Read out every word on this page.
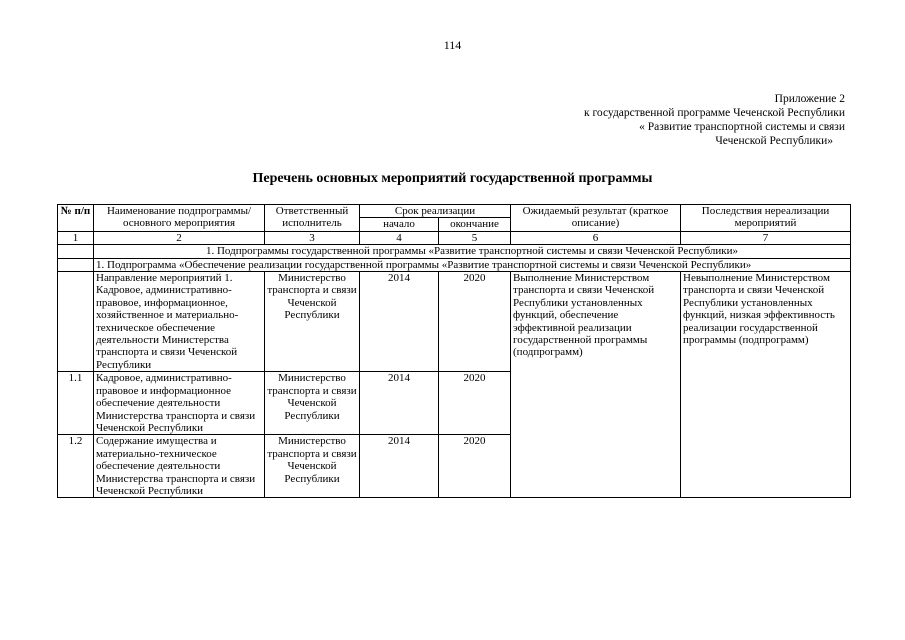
114
Приложение 2
к государственной программе Чеченской Республики
« Развитие транспортной системы и связи
Чеченской Республики»
Перечень основных мероприятий государственной программы
№ п/п	Наименование подпрограммы/основного мероприятия	Ответственный исполнитель	Срок реализации		Ожидаемый результат (краткое описание)	Последствия нереализации мероприятий
			начало	окончание		
1	2	3	4	5	6	7
	1. Подпрограммы государственной программы «Развитие транспортной системы и связи Чеченской Республики»					
	1. Подпрограмма «Обеспечение реализации государственной программы «Развитие транспортной системы и связи Чеченской Республики»					
	Направление мероприятий 1. Кадровое, административно-правовое, информационное, хозяйственное и материально-техническое обеспечение деятельности Министерства транспорта и связи Чеченской Республики	Министерство транспорта и связи Чеченской Республики	2014	2020	Выполнение Министерством транспорта и связи Чеченской Республики установленных функций, обеспечение эффективной реализации государственной программы (подпрограмм)	Невыполнение Министерством транспорта и связи Чеченской Республики установленных функций, низкая эффективность реализации государственной программы (подпрограмм)
1.1	Кадровое, административно-правовое и информационное обеспечение деятельности Министерства транспорта и связи Чеченской Республики	Министерство транспорта и связи Чеченской Республики	2014	2020		
1.2	Содержание имущества и материально-техническое обеспечение деятельности Министерства транспорта и связи Чеченской Республики	Министерство транспорта и связи Чеченской Республики	2014	2020		
